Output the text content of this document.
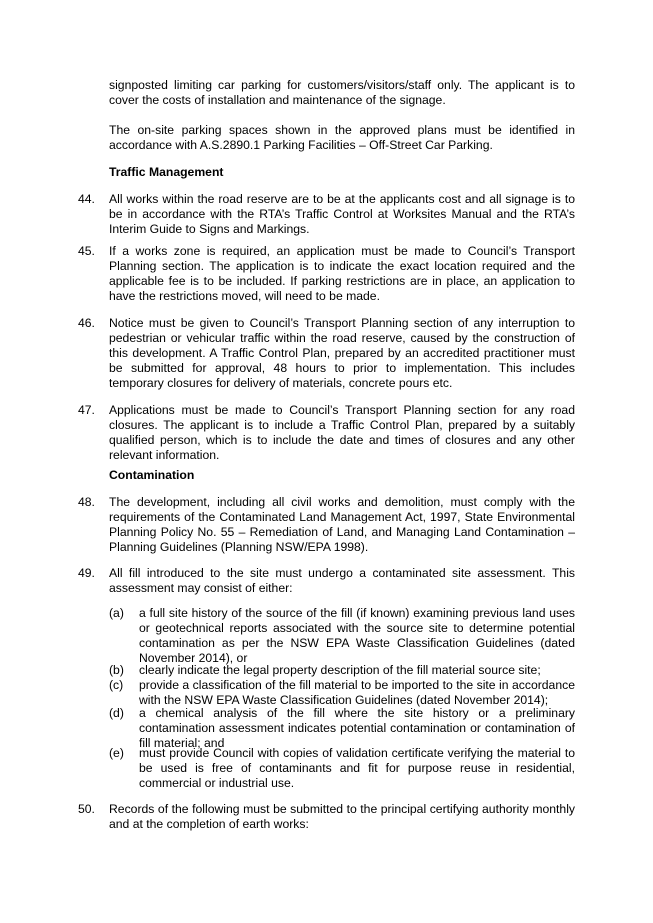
signposted limiting car parking for customers/visitors/staff only. The applicant is to cover the costs of installation and maintenance of the signage.

The on-site parking spaces shown in the approved plans must be identified in accordance with A.S.2890.1 Parking Facilities – Off-Street Car Parking.

Traffic Management

44. All works within the road reserve are to be at the applicants cost and all signage is to be in accordance with the RTA’s Traffic Control at Worksites Manual and the RTA’s Interim Guide to Signs and Markings.

45. If a works zone is required, an application must be made to Council’s Transport Planning section. The application is to indicate the exact location required and the applicable fee is to be included. If parking restrictions are in place, an application to have the restrictions moved, will need to be made.

46. Notice must be given to Council’s Transport Planning section of any interruption to pedestrian or vehicular traffic within the road reserve, caused by the construction of this development. A Traffic Control Plan, prepared by an accredited practitioner must be submitted for approval, 48 hours to prior to implementation. This includes temporary closures for delivery of materials, concrete pours etc.

47. Applications must be made to Council’s Transport Planning section for any road closures. The applicant is to include a Traffic Control Plan, prepared by a suitably qualified person, which is to include the date and times of closures and any other relevant information.

Contamination

48. The development, including all civil works and demolition, must comply with the requirements of the Contaminated Land Management Act, 1997, State Environmental Planning Policy No. 55 – Remediation of Land, and Managing Land Contamination – Planning Guidelines (Planning NSW/EPA 1998).

49. All fill introduced to the site must undergo a contaminated site assessment. This assessment may consist of either:

(a) a full site history of the source of the fill (if known) examining previous land uses or geotechnical reports associated with the source site to determine potential contamination as per the NSW EPA Waste Classification Guidelines (dated November 2014), or

(b) clearly indicate the legal property description of the fill material source site;

(c) provide a classification of the fill material to be imported to the site in accordance with the NSW EPA Waste Classification Guidelines (dated November 2014);

(d) a chemical analysis of the fill where the site history or a preliminary contamination assessment indicates potential contamination or contamination of fill material; and

(e) must provide Council with copies of validation certificate verifying the material to be used is free of contaminants and fit for purpose reuse in residential, commercial or industrial use.

50. Records of the following must be submitted to the principal certifying authority monthly and at the completion of earth works:
